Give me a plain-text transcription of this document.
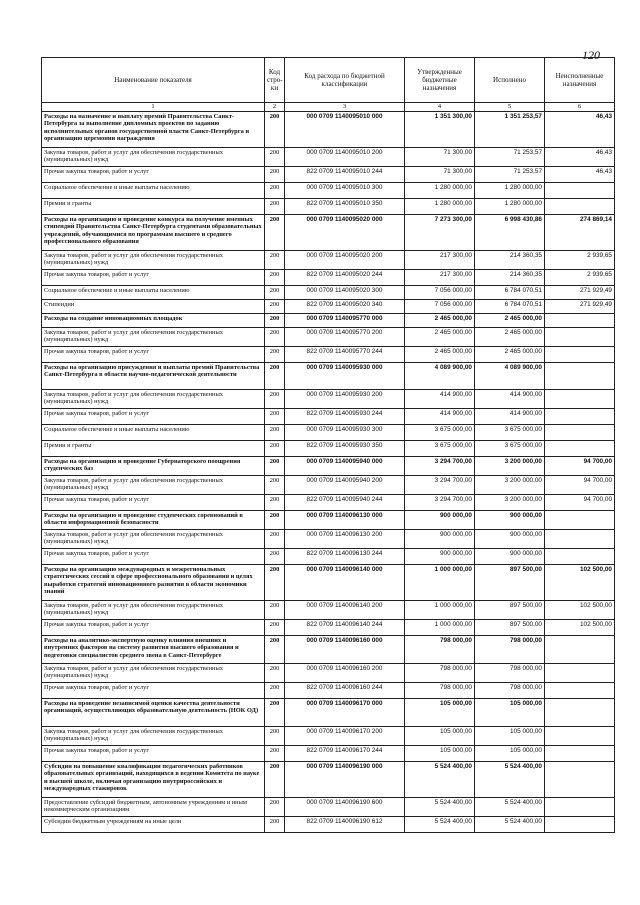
120
Наименование показателя	Код стро-ки	Код расхода по бюджетной классификации	Утвержденные бюджетные назначения	Исполнено	Неисполненные назначения
1	2	3	4	5	6
Расходы на назначение и выплату премий Правительства Санкт-Петербурга за выполнение дипломных проектов по заданию исполнительных органов государственной власти Санкт-Петербурга и организацию церемонии награждения	200	000 0709 1140095010 000	1 351 300,00	1 351 253,57	46,43
Закупка товаров, работ и услуг для обеспечения государственных (муниципальных) нужд	200	000 0709 1140095010 200	71 300,00	71 253,57	46,43
Прочая закупка товаров, работ и услуг	200	822 0709 1140095010 244	71 300,00	71 253,57	46,43
Социальное обеспечение и иные выплаты населению	200	000 0709 1140095010 300	1 280 000,00	1 280 000,00	
Премии и гранты	200	822 0709 1140095010 350	1 280 000,00	1 280 000,00	
Расходы на организацию и проведение конкурса на получение именных стипендий Правительства Санкт-Петербурга студентами образовательных учреждений, обучающимися по программам высшего и среднего профессионального образования	200	000 0709 1140095020 000	7 273 300,00	6 998 430,86	274 869,14
Закупка товаров, работ и услуг для обеспечения государственных (муниципальных) нужд	200	000 0709 1140095020 200	217 300,00	214 360,35	2 939,65
Прочая закупка товаров, работ и услуг	200	822 0709 1140095020 244	217 300,00	214 360,35	2 939,65
Социальное обеспечение и иные выплаты населению	200	000 0709 1140095020 300	7 056 000,00	6 784 070,51	271 929,49
Стипендии	200	822 0709 1140095020 340	7 056 000,00	6 784 070,51	271 929,49
Расходы на создание инновационных площадок	200	000 0709 1140095770 000	2 465 000,00	2 465 000,00	
Закупка товаров, работ и услуг для обеспечения государственных (муниципальных) нужд	200	000 0709 1140095770 200	2 465 000,00	2 465 000,00	
Прочая закупка товаров, работ и услуг	200	822 0709 1140095770 244	2 465 000,00	2 465 000,00	
Расходы на организацию присуждения и выплаты премий Правительства Санкт-Петербурга в области научно-педагогической деятельности	200	000 0709 1140095930 000	4 089 900,00	4 089 900,00	
Закупка товаров, работ и услуг для обеспечения государственных (муниципальных) нужд	200	000 0709 1140095930 200	414 900,00	414 900,00	
Прочая закупка товаров, работ и услуг	200	822 0709 1140095930 244	414 900,00	414 900,00	
Социальное обеспечение и иные выплаты населению	200	000 0709 1140095930 300	3 675 000,00	3 675 000,00	
Премии и гранты	200	822 0709 1140095930 350	3 675 000,00	3 675 000,00	
Расходы на организацию и проведение Губернаторского поощрения студенческих баз	200	000 0709 1140095940 000	3 294 700,00	3 200 000,00	94 700,00
Закупка товаров, работ и услуг для обеспечения государственных (муниципальных) нужд	200	000 0709 1140095940 200	3 294 700,00	3 200 000,00	94 700,00
Прочая закупка товаров, работ и услуг	200	822 0709 1140095940 244	3 294 700,00	3 200 000,00	94 700,00
Расходы на организацию и проведение студенческих соревнований в области информационной безопасности	200	000 0709 1140096130 000	900 000,00	900 000,00	
Закупка товаров, работ и услуг для обеспечения государственных (муниципальных) нужд	200	000 0709 1140096130 200	900 000,00	900 000,00	
Прочая закупка товаров, работ и услуг	200	822 0709 1140096130 244	900 000,00	900 000,00	
Расходы на организацию международных и межрегиональных стратегических сессий в сфере профессионального образования и целях выработки стратегий инновационного развития в области экономики знаний	200	000 0709 1140096140 000	1 000 000,00	897 500,00	102 500,00
Закупка товаров, работ и услуг для обеспечения государственных (муниципальных) нужд	200	000 0709 1140096140 200	1 000 000,00	897 500,00	102 500,00
Прочая закупка товаров, работ и услуг	200	822 0709 1140096140 244	1 000 000,00	897 500,00	102 500,00
Расходы на аналитико-экспертную оценку влияния внешних и внутренних факторов на систему развития высшего образования и подготовки специалистов среднего звена в Санкт-Петербурге	200	000 0709 1140096160 000	798 000,00	798 000,00	
Закупка товаров, работ и услуг для обеспечения государственных (муниципальных) нужд	200	000 0709 1140096160 200	798 000,00	798 000,00	
Прочая закупка товаров, работ и услуг	200	822 0709 1140096160 244	798 000,00	798 000,00	
Расходы на проведение независимой оценки качества деятельности организаций, осуществляющих образовательную деятельность (НОК ОД)	200	000 0709 1140096170 000	105 000,00	105 000,00	
Закупка товаров, работ и услуг для обеспечения государственных (муниципальных) нужд	200	000 0709 1140096170 200	105 000,00	105 000,00	
Прочая закупка товаров, работ и услуг	200	822 0709 1140096170 244	105 000,00	105 000,00	
Субсидии на повышение квалификации педагогических работников образовательных организаций, находящихся в ведении Комитета по науке и высшей школе, включая организацию внутрироссийских и международных стажировок	200	000 0709 1140096190 000	5 524 400,00	5 524 400,00	
Предоставление субсидий бюджетным, автономным учреждениям и иным некоммерческим организациям	200	000 0709 1140096190 600	5 524 400,00	5 524 400,00	
Субсидии бюджетным учреждениям на иные цели	200	822 0709 1140096190 612	5 524 400,00	5 524 400,00	
